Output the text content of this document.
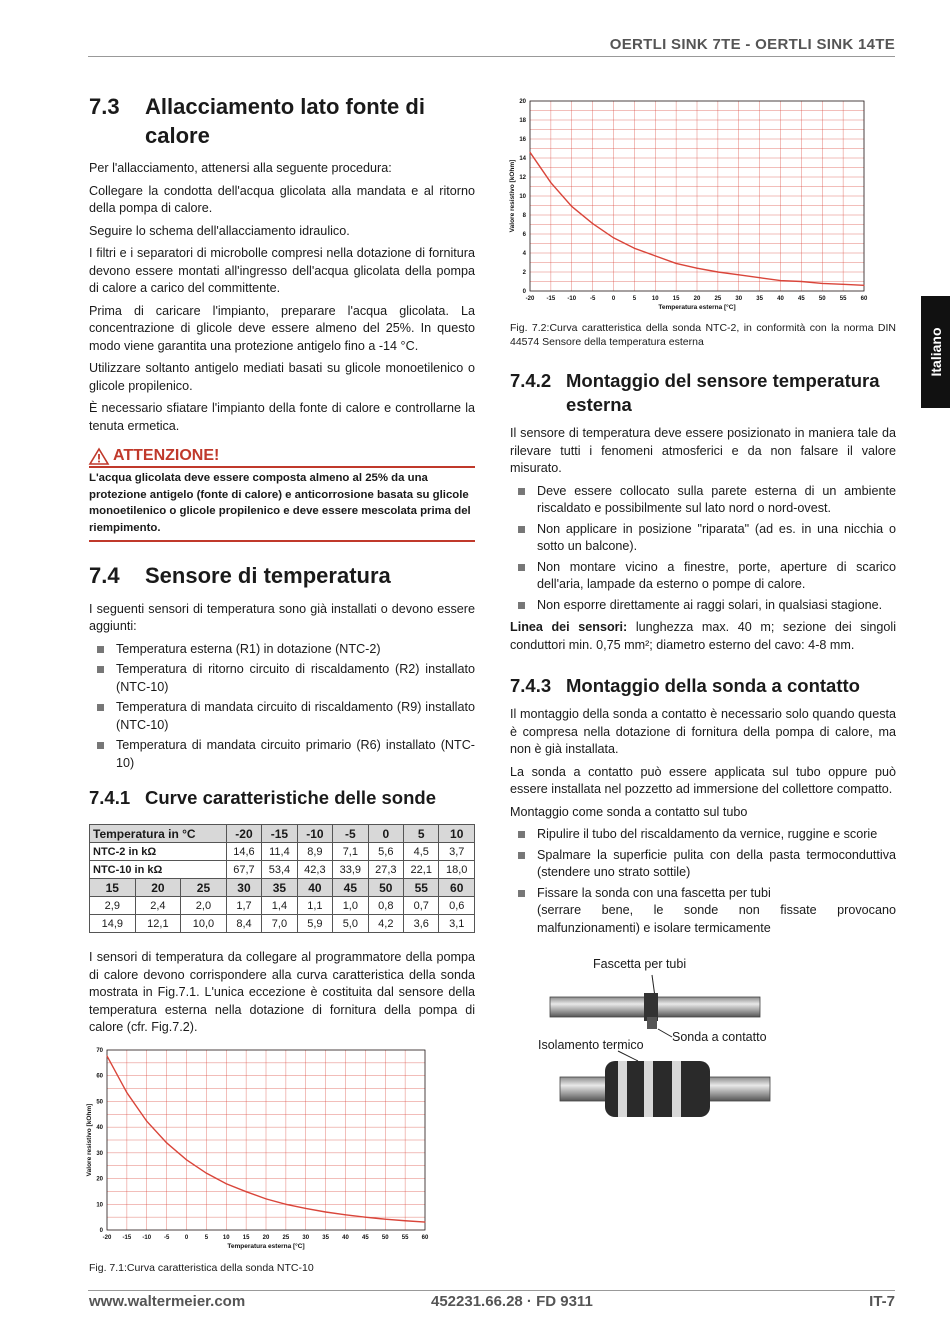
OERTLI SINK 7TE - OERTLI SINK 14TE
Italiano
7.3	Allacciamento lato fonte di calore

Per l'allacciamento, attenersi alla seguente procedura:

Collegare la condotta dell'acqua glicolata alla mandata e al ritorno della pompa di calore.

Seguire lo schema dell'allacciamento idraulico.

I filtri e i separatori di microbolle compresi nella dotazione di fornitura devono essere montati all'ingresso dell'acqua glicolata della pompa di calore a carico del committente.

Prima di caricare l'impianto, preparare l'acqua glicolata. La concentrazione di glicole deve essere almeno del 25%. In questo modo viene garantita una protezione antigelo fino a -14 °C.

Utilizzare soltanto antigelo mediati basati su glicole monoetilenico o glicole propilenico.

È necessario sfiatare l'impianto della fonte di calore e controllarne la tenuta ermetica.

ATTENZIONE!
L'acqua glicolata deve essere composta almeno al 25% da una protezione antigelo (fonte di calore) e anticorrosione basata su glicole monoetilenico o glicole propilenico e deve essere mescolata prima del riempimento.
7.4	Sensore di temperatura

I seguenti sensori di temperatura sono già installati o devono essere aggiunti:

Temperatura esterna (R1) in dotazione (NTC-2)
Temperatura di ritorno circuito di riscaldamento (R2) installato (NTC-10)
Temperatura di mandata circuito di riscaldamento (R9) installato (NTC-10)
Temperatura di mandata circuito primario (R6) installato (NTC-10)
7.4.1 Curve caratteristiche delle sonde
Temperatura in °C			-20	-15	-10	-5	0	5	10
NTC-2 in kΩ			14,6	11,4	8,9	7,1	5,6	4,5	3,7
NTC-10 in kΩ			67,7	53,4	42,3	33,9	27,3	22,1	18,0
15	20	25	30	35	40	45	50	55	60
2,9	2,4	2,0	1,7	1,4	1,1	1,0	0,8	0,7	0,6
14,9	12,1	10,0	8,4	7,0	5,9	5,0	4,2	3,6	3,1

I sensori di temperatura da collegare al programmatore della pompa di calore devono corrispondere alla curva caratteristica della sonda mostrata in Fig.7.1. L'unica eccezione è costituita dal sensore della temperatura esterna nella dotazione di fornitura della pompa di calore (cfr. Fig.7.2).

-20 -15 -10 -5	0	5 10 15 20 25 30 35 40 45 50 55 60
0
10
20
30
40
50
60
70
Temperatura esterna [°C]
Valore resistivo [kOhm]

Fig. 7.1:Curva caratteristica della sonda NTC-10

-20 -15 -10 -5	0	5	10 15 20 25 30 35 40 45 50 55 60
0
2
4
6
8
10
12
14
16
18
20
Temperatura esterna [°C]
Valore resistivo [kOhm]

Fig. 7.2:Curva caratteristica della sonda NTC-2, in conformità con la norma DIN 44574 Sensore della temperatura esterna

7.4.2 Montaggio del sensore temperatura esterna

Il sensore di temperatura deve essere posizionato in maniera tale da rilevare tutti i fenomeni atmosferici e da non falsare il valore misurato.

Deve essere collocato sulla parete esterna di un ambiente riscaldato e possibilmente sul lato nord o nord-ovest.
Non applicare in posizione "riparata" (ad es. in una nicchia o sotto un balcone).
Non montare vicino a finestre, porte, aperture di scarico dell'aria, lampade da esterno o pompe di calore.
Non esporre direttamente ai raggi solari, in qualsiasi stagione.

Linea dei sensori: lunghezza max. 40 m; sezione dei singoli conduttori min. 0,75 mm²; diametro esterno del cavo: 4-8 mm.

7.4.3 Montaggio della sonda a contatto

Il montaggio della sonda a contatto è necessario solo quando questa è compresa nella dotazione di fornitura della pompa di calore, ma non è già installata.

La sonda a contatto può essere applicata sul tubo oppure può essere installata nel pozzetto ad immersione del collettore compatto.

Montaggio come sonda a contatto sul tubo

Ripulire il tubo del riscaldamento da vernice, ruggine e scorie
Spalmare la superficie pulita con della pasta termoconduttiva (stendere uno strato sottile)
Fissare la sonda con una fascetta per tubi
(serrare bene, le sonde non fissate provocano malfunzionamenti) e isolare termicamente
Fascetta per tubi
Sonda a contatto
Isolamento termico
www.waltermeier.com	452231.66.28 · FD 9311	IT-7
